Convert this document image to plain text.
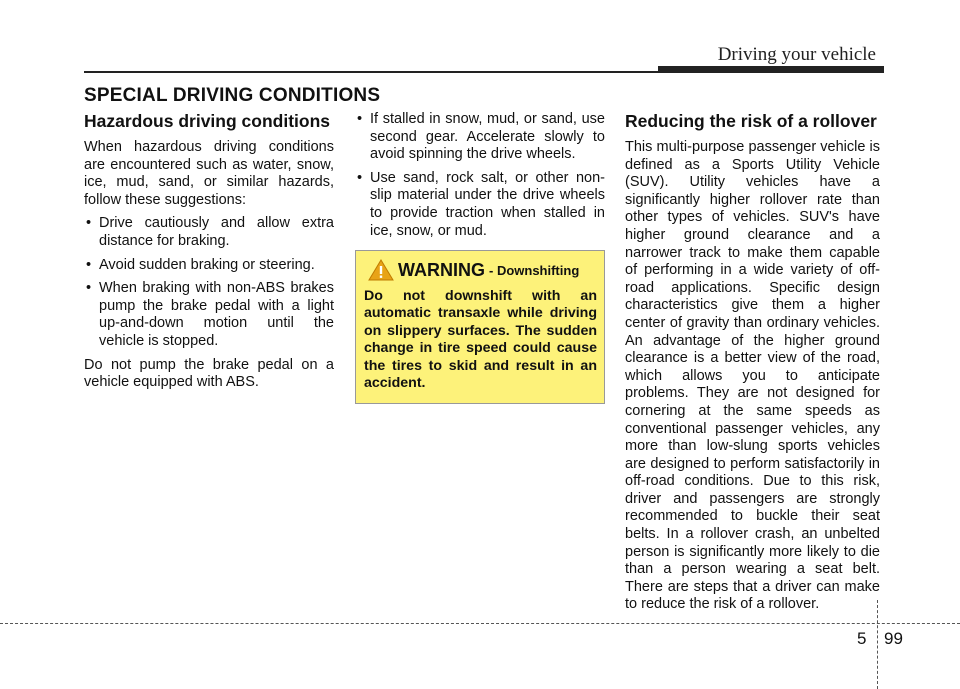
Driving your vehicle
SPECIAL DRIVING CONDITIONS
Hazardous driving conditions

When hazardous driving conditions are encountered such as water, snow, ice, mud, sand, or similar hazards, follow these suggestions:

• Drive cautiously and allow extra distance for braking.
• Avoid sudden braking or steering.
• When braking with non-ABS brakes pump the brake pedal with a light up-and-down motion until the vehicle is stopped.

Do not pump the brake pedal on a vehicle equipped with ABS.

• If stalled in snow, mud, or sand, use second gear. Accelerate slowly to avoid spinning the drive wheels.
• Use sand, rock salt, or other non-slip material under the drive wheels to provide traction when stalled in ice, snow, or mud.
WARNING - Downshifting
Do not downshift with an automatic transaxle while driving on slippery surfaces. The sudden change in tire speed could cause the tires to skid and result in an accident.
Reducing the risk of a rollover

This multi-purpose passenger vehicle is defined as a Sports Utility Vehicle (SUV). Utility vehicles have a significantly higher rollover rate than other types of vehicles. SUV's have higher ground clearance and a narrower track to make them capable of performing in a wide variety of off-road applications. Specific design characteristics give them a higher center of gravity than ordinary vehicles. An advantage of the higher ground clearance is a better view of the road, which allows you to anticipate problems. They are not designed for cornering at the same speeds as conventional passenger vehicles, any more than low-slung sports vehicles are designed to perform satisfactorily in off-road conditions. Due to this risk, driver and passengers are strongly recommended to buckle their seat belts. In a rollover crash, an unbelted person is significantly more likely to die than a person wearing a seat belt. There are steps that a driver can make to reduce the risk of a rollover.

5 99
